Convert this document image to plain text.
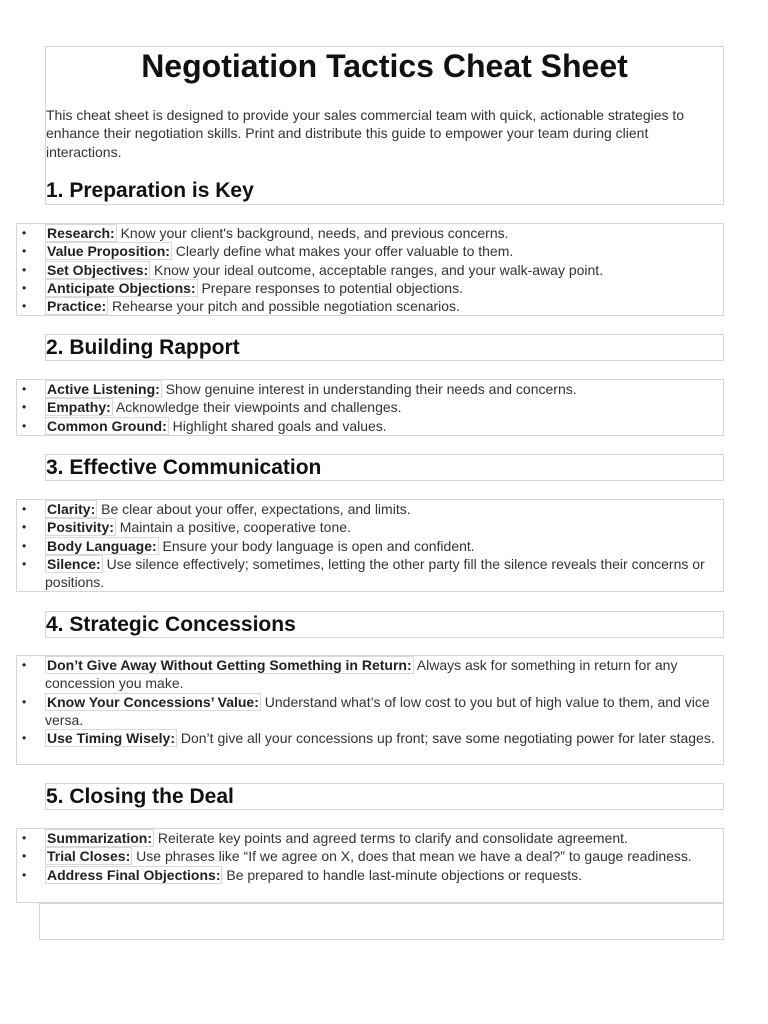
Negotiation Tactics Cheat Sheet

This cheat sheet is designed to provide your sales commercial team with quick, actionable strategies to enhance their negotiation skills. Print and distribute this guide to empower your team during client interactions.

1. Preparation is Key
• Research: Know your client's background, needs, and previous concerns.
• Value Proposition: Clearly define what makes your offer valuable to them.
• Set Objectives: Know your ideal outcome, acceptable ranges, and your walk-away point.
• Anticipate Objections: Prepare responses to potential objections.
• Practice: Rehearse your pitch and possible negotiation scenarios.
2. Building Rapport
• Active Listening: Show genuine interest in understanding their needs and concerns.
• Empathy: Acknowledge their viewpoints and challenges.
• Common Ground: Highlight shared goals and values.
3. Effective Communication
• Clarity: Be clear about your offer, expectations, and limits.
• Positivity: Maintain a positive, cooperative tone.
• Body Language: Ensure your body language is open and confident.
• Silence: Use silence effectively; sometimes, letting the other party fill the silence reveals their concerns or positions.
4. Strategic Concessions
• Don’t Give Away Without Getting Something in Return: Always ask for something in return for any concession you make.
• Know Your Concessions’ Value: Understand what’s of low cost to you but of high value to them, and vice versa.
• Use Timing Wisely: Don’t give all your concessions up front; save some negotiating power for later stages.
5. Closing the Deal
• Summarization: Reiterate key points and agreed terms to clarify and consolidate agreement.
• Trial Closes: Use phrases like “If we agree on X, does that mean we have a deal?” to gauge readiness.
• Address Final Objections: Be prepared to handle last-minute objections or requests.
